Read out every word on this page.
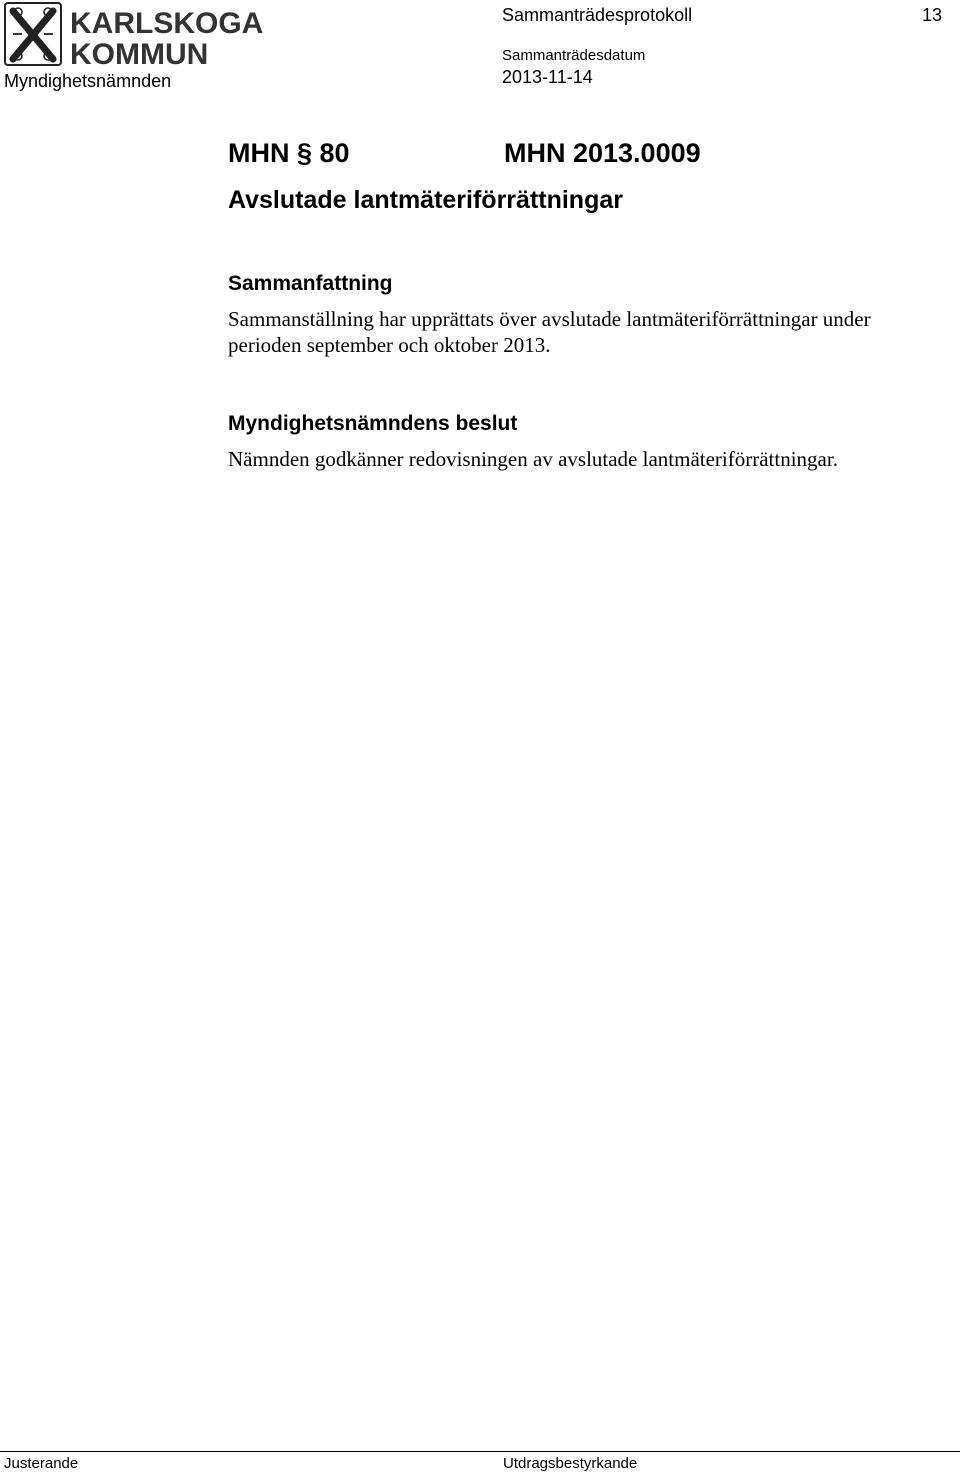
KARLSKOGA
KOMMUN
Myndighetsnämnden
Sammanträdesprotokoll	13
Sammanträdesdatum
2013-11-14
MHN § 80	MHN 2013.0009
Avslutade lantmäteriförrättningar
Sammanfattning
Sammanställning har upprättats över avslutade lantmäteriförrättningar under perioden september och oktober 2013.
Myndighetsnämndens beslut
Nämnden godkänner redovisningen av avslutade lantmäteriförrättningar.
Justerande	Utdragsbestyrkande
